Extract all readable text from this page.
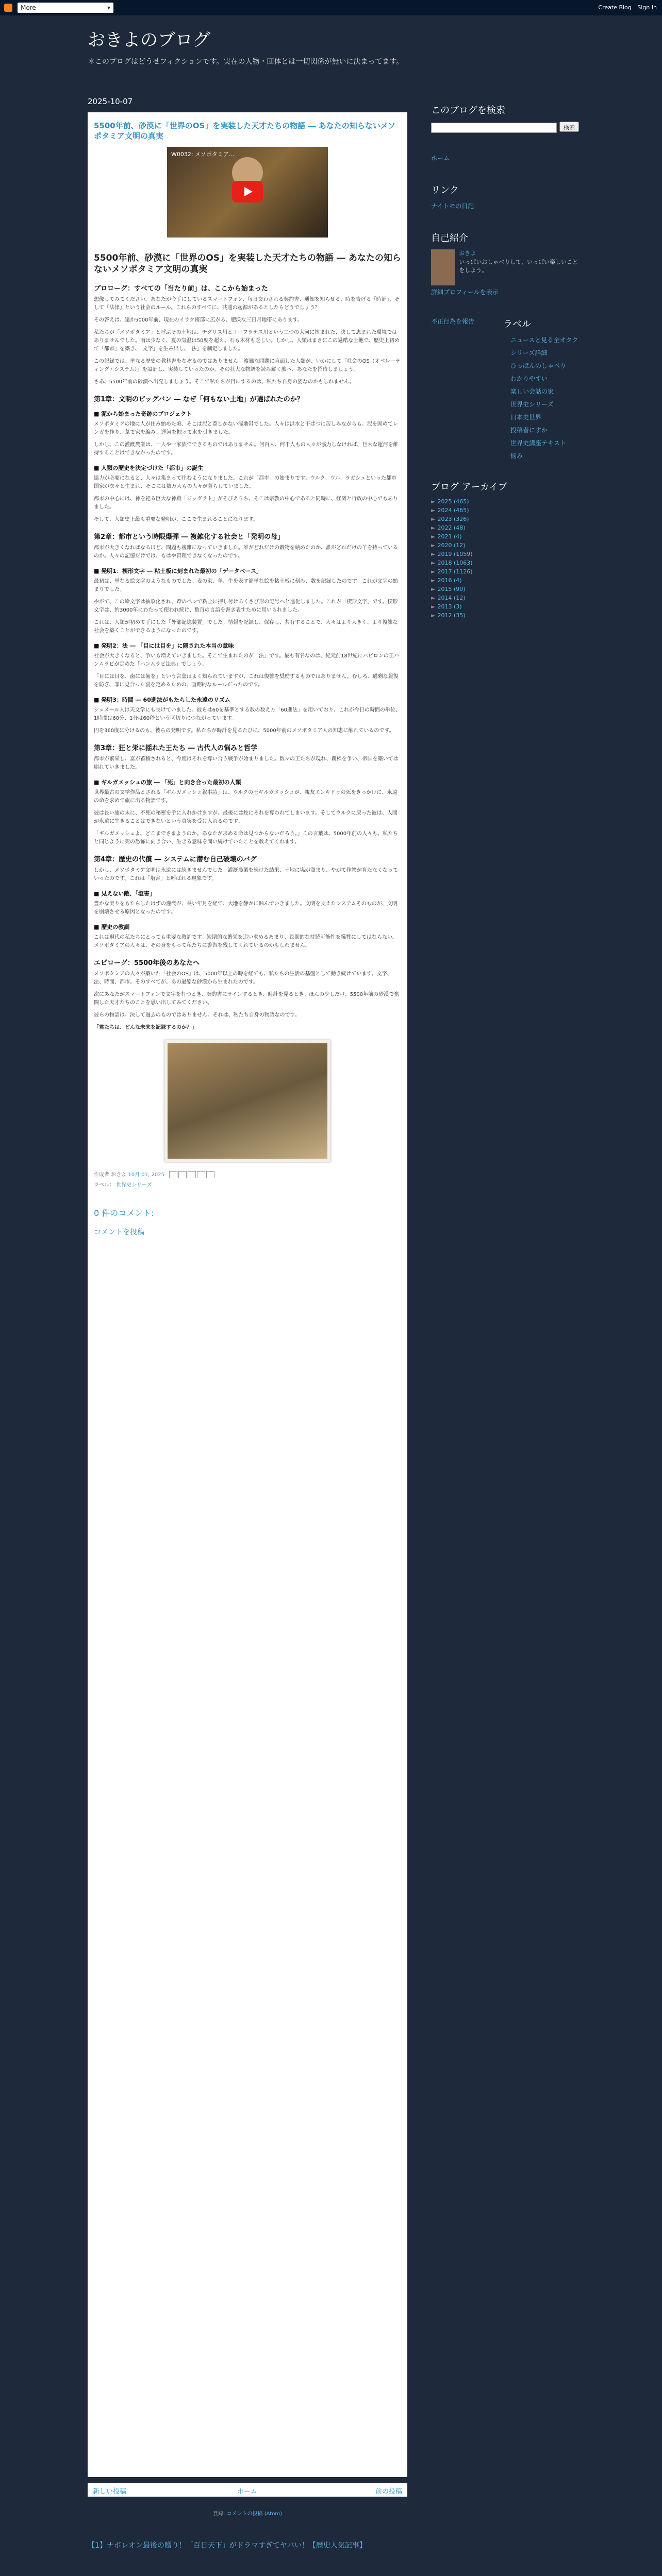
More	▾	Create Blog Sign In
おきよのブログ
＊このブログはどうせフィクションです。実在の人物・団体とは一切関係が無いに決まってます。
2025-10-07
5500年前、砂漠に「世界のOS」を実装した天才たちの物語 ― あなたの知らないメソポタミア文明の真実
W0032: メソポタミア...
5500年前、砂漠に「世界のOS」を実装した天才たちの物語 ― あなたの知らないメソポタミア文明の真実
プロローグ：すべての「当たり前」は、ここから始まった

想像してみてください。あなたが今手にしているスマートフォン、毎日交わされる契約書、通知を知らせる、時を告げる「時計」、そして「法律」という社会のルール。これらのすべてに、共通の起源があるとしたらどうでしょう？

その答えは、遠か5000年前、現在のイラク南部に広がる、肥沃な三日月地帯にあります。

私たちが「メソポタミア」と呼ぶその土地は、チグリス川とユーフラテス川という二つの大河に挟まれた、決して恵まれた環境ではありませんでした。雨は少なく、夏の気温は50度を超え、石も木材も乏しい。しかし、人類はまさにこの過酷な土地で、歴史上初めて「都市」を築き、「文字」を生み出し、「法」を制定しました。

この記録では、単なる歴史の教科書をなぞるのではありません。複雑な問題に直面した人類が、いかにして「社会のOS（オペレーティング・システム）」を設計し、実装していったのか。その壮大な物語を読み解く旅へ、あなたを招待しましょう。

さあ、5500年前の砂漠へ出発しましょう。そこで私たちが目にするのは、私たち自身の姿なのかもしれません。

第1章：文明のビッグバン ― なぜ「何もない土地」が選ばれたのか？
■ 泥から始まった奇跡のプロジェクト

メソポタミアの地に人が住み始めた頃、そこは泥と葦しかない湿地帯でした。人々は洪水と干ばつに苦しみながらも、泥を固めてレンガを作り、葦で家を編み、運河を掘って水を引きました。

しかし、この灌漑農業は、一人や一家族でできるものではありません。何百人、何千人もの人々が協力しなければ、巨大な運河を維持することはできなかったのです。

■ 人類の歴史を決定づけた「都市」の誕生

協力が必要になると、人々は集まって住むようになりました。これが「都市」の始まりです。ウルク、ウル、ラガシュといった都市国家が次々と生まれ、そこには数万人もの人々が暮らしていました。

都市の中心には、神を祀る巨大な神殿「ジッグラト」がそびえ立ち、そこは宗教の中心であると同時に、経済と行政の中心でもありました。

そして、人類史上最も重要な発明が、ここで生まれることになります。

第2章：都市という時限爆弾 ― 複雑化する社会と「発明の母」

都市が大きくなればなるほど、問題も複雑になっていきました。誰がどれだけの穀物を納めたのか、誰がどれだけの羊を持っているのか。人々の記憶だけでは、もはや管理できなくなったのです。

■ 発明1：楔形文字 ― 粘土板に刻まれた最初の「データベース」

最初は、単なる絵文字のようなものでした。麦の束、羊、牛を表す簡単な絵を粘土板に刻み、数を記録したのです。これが文字の始まりでした。

やがて、この絵文字は抽象化され、葦のペンで粘土に押し付けるくさび形の記号へと進化しました。これが「楔形文字」です。楔形文字は、約3000年にわたって使われ続け、数百の言語を書き表すために用いられました。

これは、人類が初めて手にした「外部記憶装置」でした。情報を記録し、保存し、共有することで、人々はより大きく、より複雑な社会を築くことができるようになったのです。

■ 発明2：法 ― 「目には目を」に隠された本当の意味

社会が大きくなると、争いも増えていきました。そこで生まれたのが「法」です。最も有名なのは、紀元前18世紀にバビロンの王ハンムラビが定めた「ハンムラビ法典」でしょう。

「目には目を、歯には歯を」という言葉はよく知られていますが、これは復讐を奨励するものではありません。むしろ、過剰な報復を防ぎ、罪に見合った罰を定めるための、画期的なルールだったのです。

■ 発明3：時間 ― 60進法がもたらした永遠のリズム

シュメール人は天文学にも長けていました。彼らは60を基準とする数の数え方「60進法」を用いており、これが今日の時間の単位、1時間は60分、1分は60秒という区切りにつながっています。

円を360度に分けるのも、彼らの発明です。私たちが時計を見るたびに、5000年前のメソポタミア人の知恵に触れているのです。

第3章：狂と栄に揺れた王たち ― 古代人の悩みと哲学

都市が繁栄し、富が蓄積されると、今度はそれを奪い合う戦争が始まりました。数々の王たちが現れ、覇権を争い、帝国を築いては崩れていきました。

■ ギルガメッシュの旅 ― 「死」と向き合った最初の人類

世界最古の文学作品とされる「ギルガメッシュ叙事詩」は、ウルクの王ギルガメッシュが、親友エンキドゥの死をきっかけに、永遠の命を求めて旅に出る物語です。

彼は長い旅の末に、不死の秘密を手に入れかけますが、最後には蛇にそれを奪われてしまいます。そしてウルクに戻った彼は、人間が永遠に生きることはできないという真実を受け入れるのです。

「ギルガメッシュよ、どこまでさまようのか。あなたが求める命は見つからないだろう。」この言葉は、5000年前の人々も、私たちと同じように死の恐怖に向き合い、生きる意味を問い続けていたことを教えてくれます。

第4章：歴史の代償 ― システムに潜む自己破壊のバグ

しかし、メソポタミア文明は永遠には続きませんでした。灌漑農業を続けた結果、土地に塩が溜まり、やがて作物が育たなくなっていったのです。これは「塩害」と呼ばれる現象です。

■ 見えない敵、「塩害」

豊かな実りをもたらしたはずの灌漑が、長い年月を経て、大地を静かに蝕んでいきました。文明を支えたシステムそのものが、文明を崩壊させる原因となったのです。

■ 歴史の教訓

これは現代の私たちにとっても重要な教訓です。短期的な繁栄を追い求めるあまり、長期的な持続可能性を犠牲にしてはならない。メソポタミアの人々は、その身をもって私たちに警告を残してくれているのかもしれません。

エピローグ：5500年後のあなたへ

メソポタミアの人々が築いた「社会のOS」は、5000年以上の時を経ても、私たちの生活の基盤として動き続けています。文字、法、時間、都市。そのすべてが、あの過酷な砂漠から生まれたのです。

次にあなたがスマートフォンで文字を打つとき、契約書にサインするとき、時計を見るとき。ほんの少しだけ、5500年前の砂漠で奮闘した天才たちのことを思い出してみてください。

彼らの物語は、決して過去のものではありません。それは、私たち自身の物語なのです。

「君たちは、どんな未来を記録するのか？」

作成者 おきよ 10月 07, 2025
ラベル： 世界史シリーズ
0 件のコメント:
コメントを投稿
新しい投稿	ホーム	前の投稿
登録: コメントの投稿 (Atom)
このブログを検索
検索
ホーム
リンク
ナイトモの日記
自己紹介
おきよ
いっぱいおしゃべりして、いっぱい楽しいことをしよう。
詳細プロフィールを表示
不正行為を報告	ラベル
ニュースと見る全オタク
シリーズ詳細
ひっぱんのしゃべり
わかりやすい
楽しい会話の家
世界史シリーズ
日本史世界
投稿者にすか
世界史講座テキスト
悩み
ブログ アーカイブ
► 2025 (465)
► 2024 (465)
► 2023 (326)
► 2022 (48)
► 2021 (4)
► 2020 (12)
► 2019 (1059)
► 2018 (1063)
► 2017 (1126)
► 2016 (4)
► 2015 (90)
► 2014 (12)
► 2013 (3)
► 2012 (35)
【1】ナボレオン最後の贈り！「百日天下」がドラマすぎてヤバい！【歴史人気記事】
